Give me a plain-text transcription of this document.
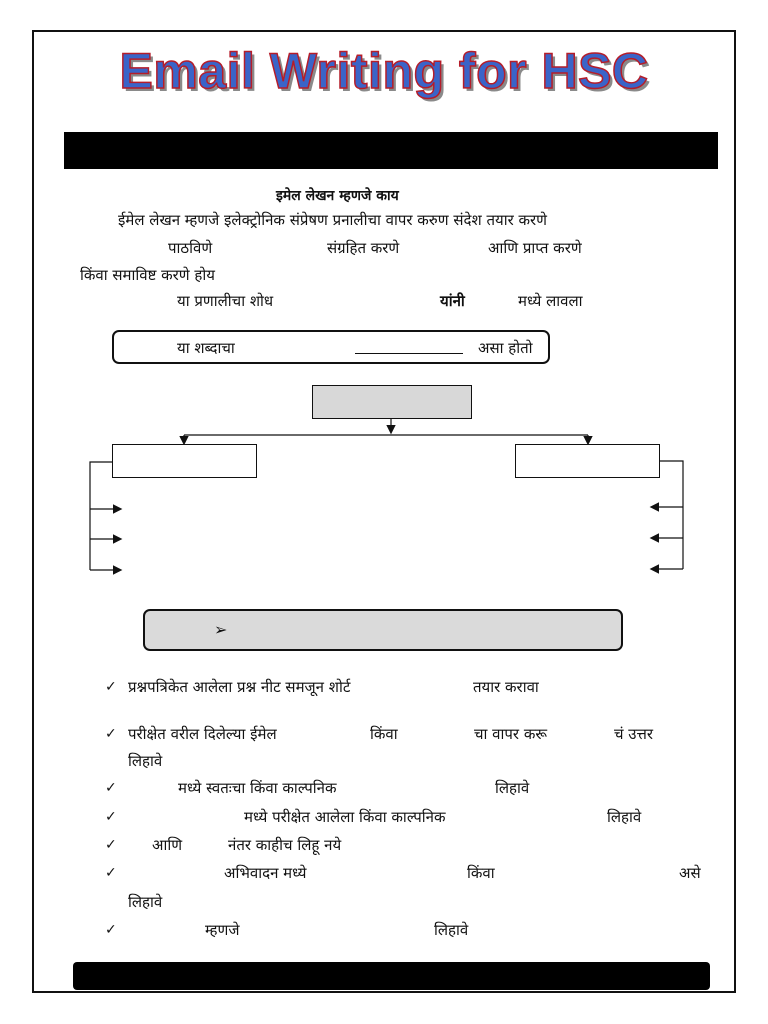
Email Writing for HSC
इमेल लेखन म्हणजे काय
ईमेल लेखन म्हणजे इलेक्ट्रोनिक संप्रेषण प्रनालीचा वापर करुण संदेश तयार करणे
पाठविणे	संग्रहित करणे	आणि प्राप्त करणे
किंवा समाविष्ट करणे होय
या प्रणालीचा शोध	यांनी	मध्ये लावला
या शब्दाचा	असा होतो
➢
✓ प्रश्नपत्रिकेत आलेला प्रश्न नीट समजून शोर्ट	तयार करावा
✓ परीक्षेत वरील दिलेल्या ईमेल	किंवा	चा वापर करू	चं उत्तर
लिहावे
✓	मध्ये स्वतःचा किंवा काल्पनिक	लिहावे
✓	मध्ये परीक्षेत आलेला किंवा काल्पनिक	लिहावे
✓ आणि	नंतर काहीच लिहू नये
✓	अभिवादन मध्ये	किंवा	असे
लिहावे
✓	म्हणजे	लिहावे
